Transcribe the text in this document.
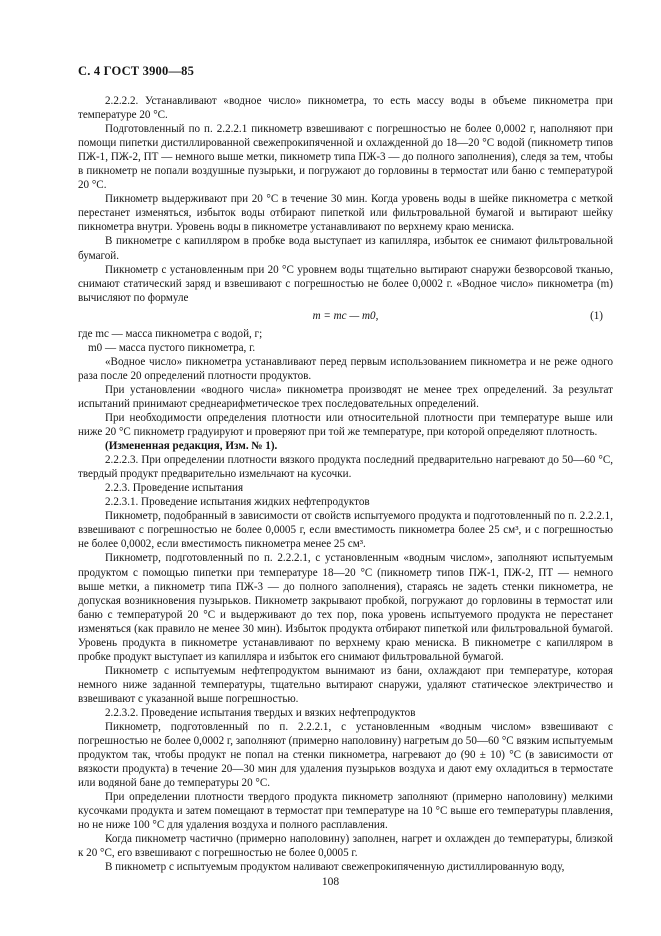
С. 4 ГОСТ 3900—85

2.2.2.2. Устанавливают «водное число» пикнометра, то есть массу воды в объеме пикнометра при температуре 20 °С.

Подготовленный по п. 2.2.2.1 пикнометр взвешивают с погрешностью не более 0,0002 г, наполняют при помощи пипетки дистиллированной свежепрокипяченной и охлажденной до 18—20 °С водой (пикнометр типов ПЖ-1, ПЖ-2, ПТ — немного выше метки, пикнометр типа ПЖ-3 — до полного заполнения), следя за тем, чтобы в пикнометр не попали воздушные пузырьки, и погружают до горловины в термостат или баню с температурой 20 °С.

Пикнометр выдерживают при 20 °С в течение 30 мин. Когда уровень воды в шейке пикнометра с меткой перестанет изменяться, избыток воды отбирают пипеткой или фильтровальной бумагой и вытирают шейку пикнометра внутри. Уровень воды в пикнометре устанавливают по верхнему краю мениска.

В пикнометре с капилляром в пробке вода выступает из капилляра, избыток ее снимают фильтровальной бумагой.

Пикнометр с установленным при 20 °С уровнем воды тщательно вытирают снаружи безворсовой тканью, снимают статический заряд и взвешивают с погрешностью не более 0,0002 г. «Водное число» пикнометра (m) вычисляют по формуле

m = mс — m0,	(1)

где mс — масса пикнометра с водой, г;

m0 — масса пустого пикнометра, г.

«Водное число» пикнометра устанавливают перед первым использованием пикнометра и не реже одного раза после 20 определений плотности продуктов.

При установлении «водного числа» пикнометра производят не менее трех определений. За результат испытаний принимают среднеарифметическое трех последовательных определений.

При необходимости определения плотности или относительной плотности при температуре выше или ниже 20 °С пикнометр градуируют и проверяют при той же температуре, при которой определяют плотность.

(Измененная редакция, Изм. № 1).

2.2.2.3. При определении плотности вязкого продукта последний предварительно нагревают до 50—60 °С, твердый продукт предварительно измельчают на кусочки.

2.2.3. Проведение испытания

2.2.3.1. Проведение испытания жидких нефтепродуктов

Пикнометр, подобранный в зависимости от свойств испытуемого продукта и подготовленный по п. 2.2.2.1, взвешивают с погрешностью не более 0,0005 г, если вместимость пикнометра более 25 см³, и с погрешностью не более 0,0002, если вместимость пикнометра менее 25 см³.

Пикнометр, подготовленный по п. 2.2.2.1, с установленным «водным числом», заполняют испытуемым продуктом с помощью пипетки при температуре 18—20 °С (пикнометр типов ПЖ-1, ПЖ-2, ПТ — немного выше метки, а пикнометр типа ПЖ-3 — до полного заполнения), стараясь не задеть стенки пикнометра, не допуская возникновения пузырьков. Пикнометр закрывают пробкой, погружают до горловины в термостат или баню с температурой 20 °С и выдерживают до тех пор, пока уровень испытуемого продукта не перестанет изменяться (как правило не менее 30 мин). Избыток продукта отбирают пипеткой или фильтровальной бумагой. Уровень продукта в пикнометре устанавливают по верхнему краю мениска. В пикнометре с капилляром в пробке продукт выступает из капилляра и избыток его снимают фильтровальной бумагой.

Пикнометр с испытуемым нефтепродуктом вынимают из бани, охлаждают при температуре, которая немного ниже заданной температуры, тщательно вытирают снаружи, удаляют статическое электричество и взвешивают с указанной выше погрешностью.

2.2.3.2. Проведение испытания твердых и вязких нефтепродуктов

Пикнометр, подготовленный по п. 2.2.2.1, с установленным «водным числом» взвешивают с погрешностью не более 0,0002 г, заполняют (примерно наполовину) нагретым до 50—60 °С вязким испытуемым продуктом так, чтобы продукт не попал на стенки пикнометра, нагревают до (90 ± 10) °С (в зависимости от вязкости продукта) в течение 20—30 мин для удаления пузырьков воздуха и дают ему охладиться в термостате или водяной бане до температуры 20 °С.

При определении плотности твердого продукта пикнометр заполняют (примерно наполовину) мелкими кусочками продукта и затем помещают в термостат при температуре на 10 °С выше его температуры плавления, но не ниже 100 °С для удаления воздуха и полного расплавления.

Когда пикнометр частично (примерно наполовину) заполнен, нагрет и охлажден до температуры, близкой к 20 °С, его взвешивают с погрешностью не более 0,0005 г.

В пикнометр с испытуемым продуктом наливают свежепрокипяченную дистиллированную воду,

108
